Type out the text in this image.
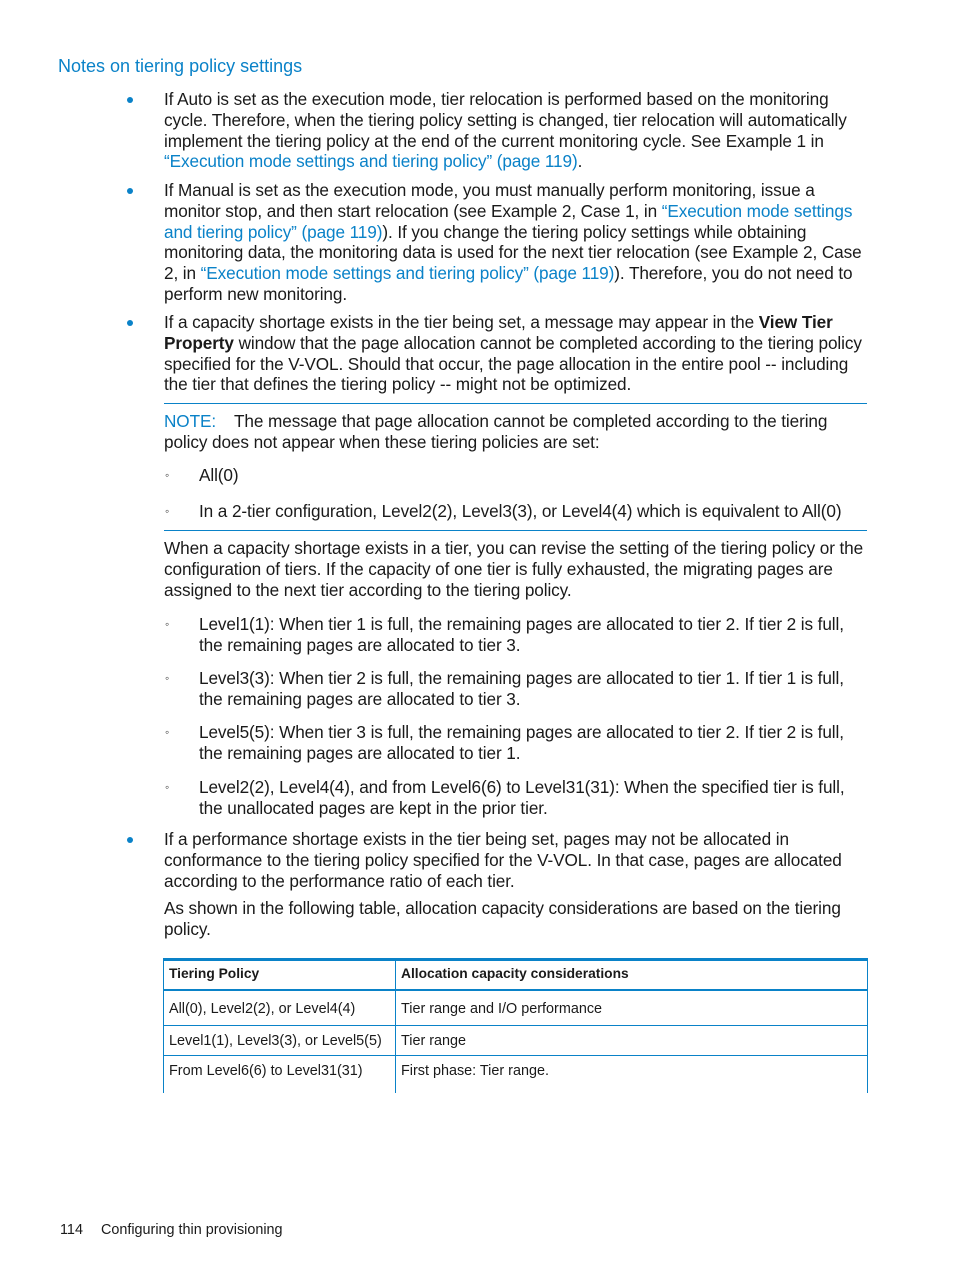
Notes on tiering policy settings
If Auto is set as the execution mode, tier relocation is performed based on the monitoring cycle. Therefore, when the tiering policy setting is changed, tier relocation will automatically implement the tiering policy at the end of the current monitoring cycle. See Example 1 in “Execution mode settings and tiering policy” (page 119).
If Manual is set as the execution mode, you must manually perform monitoring, issue a monitor stop, and then start relocation (see Example 2, Case 1, in “Execution mode settings and tiering policy” (page 119)). If you change the tiering policy settings while obtaining monitoring data, the monitoring data is used for the next tier relocation (see Example 2, Case 2, in “Execution mode settings and tiering policy” (page 119)). Therefore, you do not need to perform new monitoring.
If a capacity shortage exists in the tier being set, a message may appear in the View Tier Property window that the page allocation cannot be completed according to the tiering policy specified for the V-VOL. Should that occur, the page allocation in the entire pool -- including the tier that defines the tiering policy -- might not be optimized.
NOTE: The message that page allocation cannot be completed according to the tiering policy does not appear when these tiering policies are set:
◦ All(0)
◦ In a 2-tier configuration, Level2(2), Level3(3), or Level4(4) which is equivalent to All(0)
When a capacity shortage exists in a tier, you can revise the setting of the tiering policy or the configuration of tiers. If the capacity of one tier is fully exhausted, the migrating pages are assigned to the next tier according to the tiering policy.
◦ Level1(1): When tier 1 is full, the remaining pages are allocated to tier 2. If tier 2 is full, the remaining pages are allocated to tier 3.
◦ Level3(3): When tier 2 is full, the remaining pages are allocated to tier 1. If tier 1 is full, the remaining pages are allocated to tier 3.
◦ Level5(5): When tier 3 is full, the remaining pages are allocated to tier 2. If tier 2 is full, the remaining pages are allocated to tier 1.
◦ Level2(2), Level4(4), and from Level6(6) to Level31(31): When the specified tier is full, the unallocated pages are kept in the prior tier.
If a performance shortage exists in the tier being set, pages may not be allocated in conformance to the tiering policy specified for the V-VOL. In that case, pages are allocated according to the performance ratio of each tier.
As shown in the following table, allocation capacity considerations are based on the tiering policy.
Tiering Policy	Allocation capacity considerations
All(0), Level2(2), or Level4(4)	Tier range and I/O performance
Level1(1), Level3(3), or Level5(5)	Tier range
From Level6(6) to Level31(31)	First phase: Tier range.
114 Configuring thin provisioning
